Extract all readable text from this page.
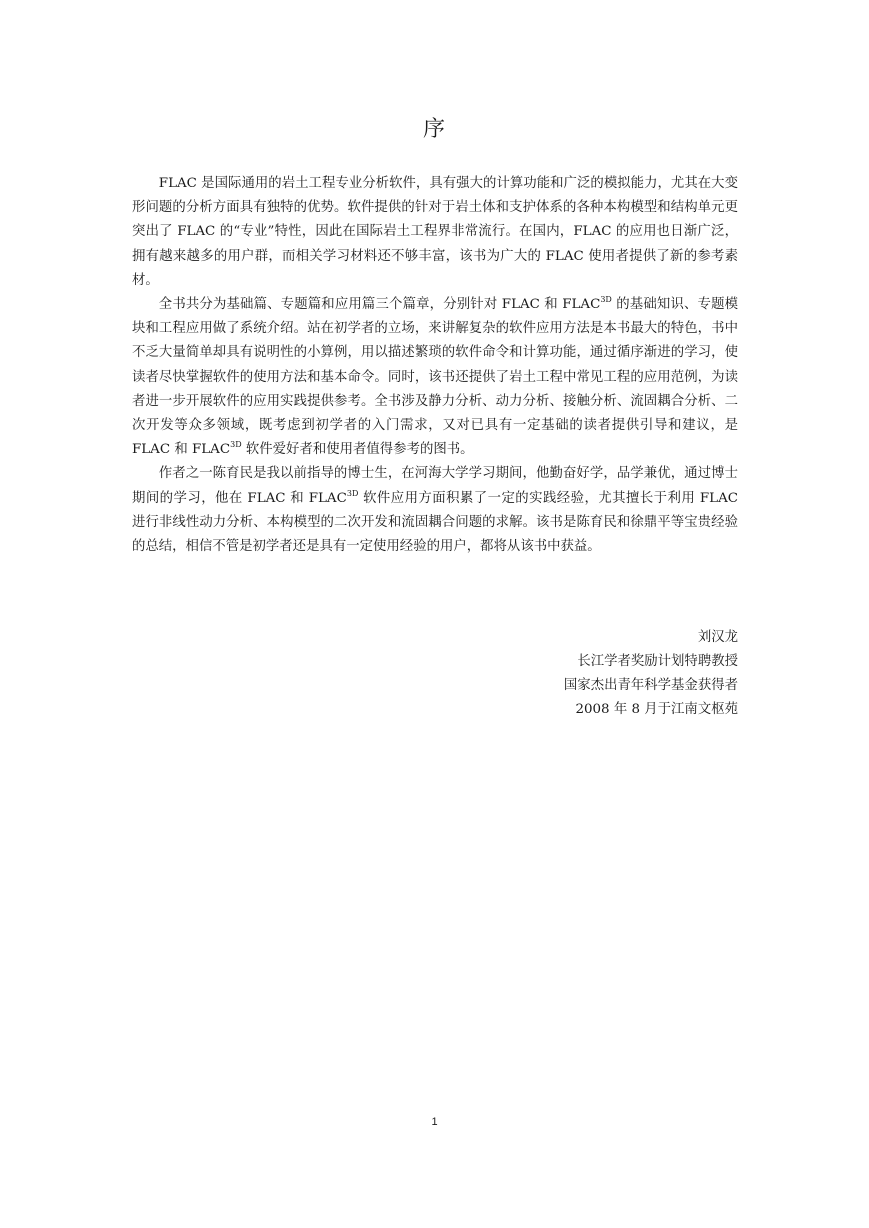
序

FLAC 是国际通用的岩土工程专业分析软件，具有强大的计算功能和广泛的模拟能力，尤其在大变形问题的分析方面具有独特的优势。软件提供的针对于岩土体和支护体系的各种本构模型和结构单元更突出了 FLAC 的“专业”特性，因此在国际岩土工程界非常流行。在国内，FLAC 的应用也日渐广泛，拥有越来越多的用户群，而相关学习材料还不够丰富，该书为广大的 FLAC 使用者提供了新的参考素材。

全书共分为基础篇、专题篇和应用篇三个篇章，分别针对 FLAC 和 $FLAC^{3D}$ 的基础知识、专题模块和工程应用做了系统介绍。站在初学者的立场，来讲解复杂的软件应用方法是本书最大的特色，书中不乏大量简单却具有说明性的小算例，用以描述繁琐的软件命令和计算功能，通过循序渐进的学习，使读者尽快掌握软件的使用方法和基本命令。同时，该书还提供了岩土工程中常见工程的应用范例，为读者进一步开展软件的应用实践提供参考。全书涉及静力分析、动力分析、接触分析、流固耦合分析、二次开发等众多领域，既考虑到初学者的入门需求，又对已具有一定基础的读者提供引导和建议，是 FLAC 和 $FLAC^{3D}$ 软件爱好者和使用者值得参考的图书。

作者之一陈育民是我以前指导的博士生，在河海大学学习期间，他勤奋好学，品学兼优，通过博士期间的学习，他在 FLAC 和 $FLAC^{3D}$ 软件应用方面积累了一定的实践经验，尤其擅长于利用 FLAC 进行非线性动力分析、本构模型的二次开发和流固耦合问题的求解。该书是陈育民和徐鼎平等宝贵经验的总结，相信不管是初学者还是具有一定使用经验的用户，都将从该书中获益。

刘汉龙
长江学者奖励计划特聘教授
国家杰出青年科学基金获得者
2008 年 8 月于江南文枢苑
1
